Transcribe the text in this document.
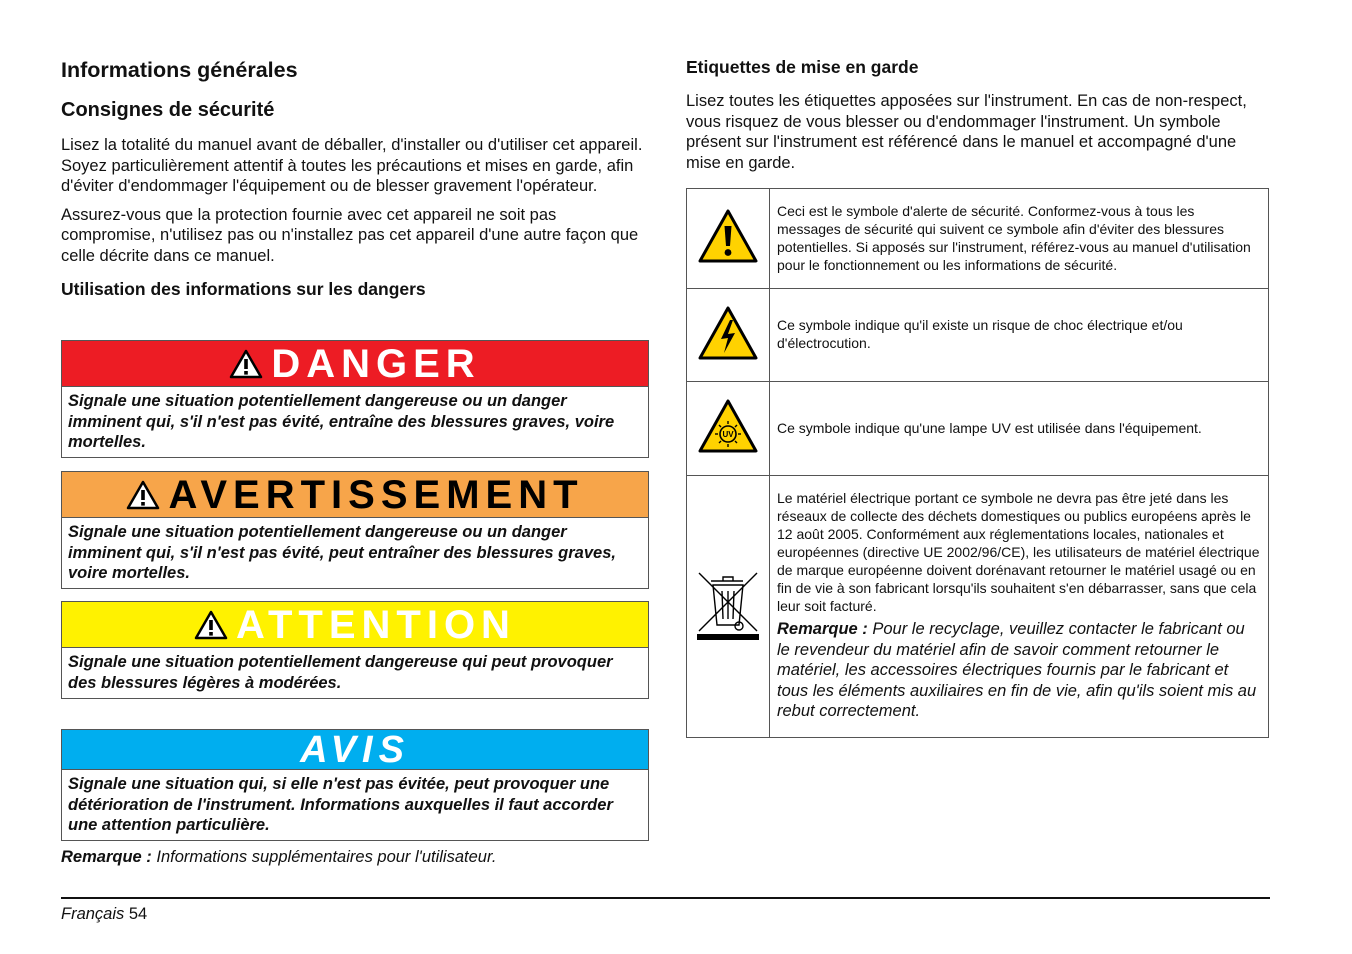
Informations générales
Consignes de sécurité

Lisez la totalité du manuel avant de déballer, d'installer ou d'utiliser cet appareil. Soyez particulièrement attentif à toutes les précautions et mises en garde, afin d'éviter d'endommager l'équipement ou de blesser gravement l'opérateur.

Assurez-vous que la protection fournie avec cet appareil ne soit pas compromise, n'utilisez pas ou n'installez pas cet appareil d'une autre façon que celle décrite dans ce manuel.

Utilisation des informations sur les dangers
DANGER
Signale une situation potentiellement dangereuse ou un danger imminent qui, s'il n'est pas évité, entraîne des blessures graves, voire mortelles.
AVERTISSEMENT
Signale une situation potentiellement dangereuse ou un danger imminent qui, s'il n'est pas évité, peut entraîner des blessures graves, voire mortelles.
ATTENTION
Signale une situation potentiellement dangereuse qui peut provoquer des blessures légères à modérées.
AVIS
Signale une situation qui, si elle n'est pas évitée, peut provoquer une détérioration de l'instrument. Informations auxquelles il faut accorder une attention particulière.
Remarque : Informations supplémentaires pour l'utilisateur.
Etiquettes de mise en garde

Lisez toutes les étiquettes apposées sur l'instrument. En cas de non-respect, vous risquez de vous blesser ou d'endommager l'instrument. Un symbole présent sur l'instrument est référencé dans le manuel et accompagné d'une mise en garde.

	Ceci est le symbole d'alerte de sécurité. Conformez-vous à tous les messages de sécurité qui suivent ce symbole afin d'éviter des blessures potentielles. Si apposés sur l'instrument, référez-vous au manuel d'utilisation pour le fonctionnement ou les informations de sécurité.
	Ce symbole indique qu'il existe un risque de choc électrique et/ou d'électrocution.

UV	Ce symbole indique qu'une lampe UV est utilisée dans l'équipement.

Le matériel électrique portant ce symbole ne devra pas être jeté dans les réseaux de collecte des déchets domestiques ou publics européens après le 12 août 2005. Conformément aux réglementations locales, nationales et européennes (directive UE 2002/96/CE), les utilisateurs de matériel électrique de marque européenne doivent dorénavant retourner le matériel usagé ou en fin de vie à son fabricant lorsqu'ils souhaitent s'en débarrasser, sans que cela leur soit facturé.
Remarque : Pour le recyclage, veuillez contacter le fabricant ou le revendeur du matériel afin de savoir comment retourner le matériel, les accessoires électriques fournis par le fabricant et tous les éléments auxiliaires en fin de vie, afin qu'ils soient mis au rebut correctement.
Français 54
